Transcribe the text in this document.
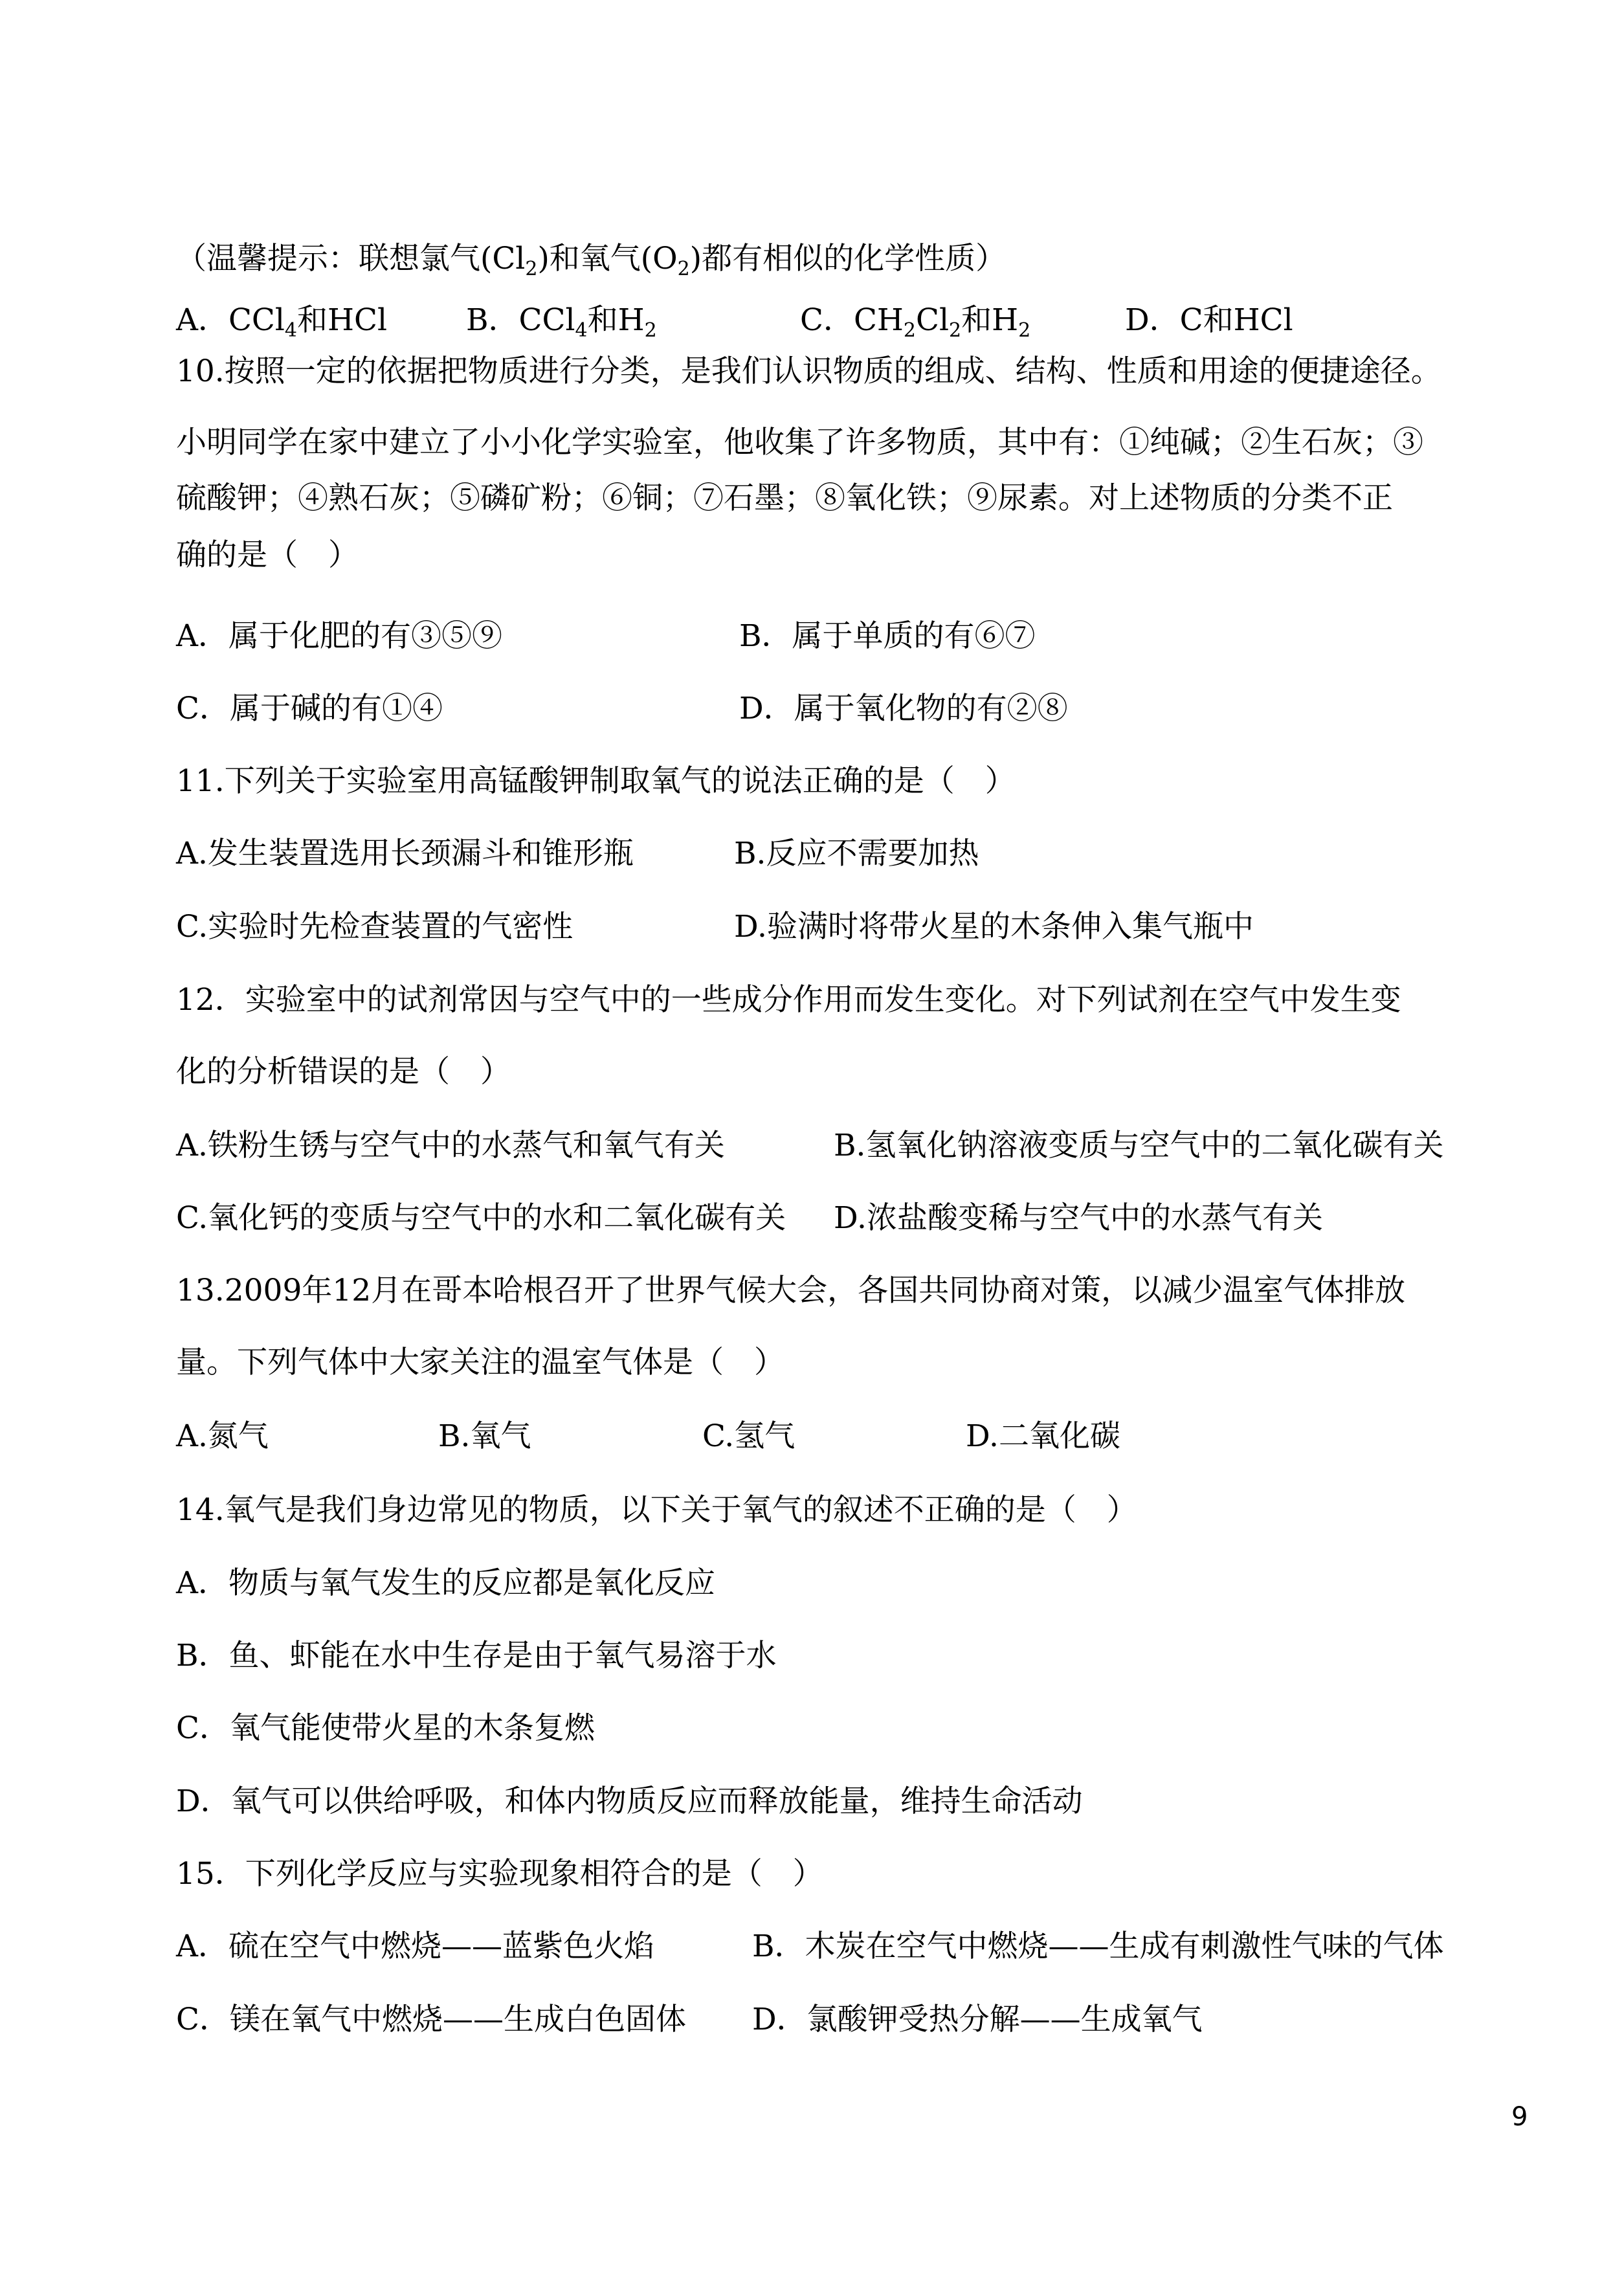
（温馨提示：联想氯气$(Cl_2)$和氧气$(O_2)$都有相似的化学性质）
A．CCl$_4$和HCl	B．CCl$_4$和$H_2$	C．$CH_2Cl_2$和$H_2$	D．C和HCl
10.按照一定的依据把物质进行分类，是我们认识物质的组成、结构、性质和用途的便捷途径。
小明同学在家中建立了小小化学实验室，他收集了许多物质，其中有：①纯碱；②生石灰；③
硫酸钾；④熟石灰；⑤磷矿粉；⑥铜；⑦石墨；⑧氧化铁；⑨尿素。对上述物质的分类不正
确的是（　）
A．属于化肥的有③⑤⑨	B．属于单质的有⑥⑦
C．属于碱的有①④	D．属于氧化物的有②⑧
11.下列关于实验室用高锰酸钾制取氧气的说法正确的是（　）
A.发生装置选用长颈漏斗和锥形瓶	B.反应不需要加热
C.实验时先检查装置的气密性	D.验满时将带火星的木条伸入集气瓶中
12．实验室中的试剂常因与空气中的一些成分作用而发生变化。对下列试剂在空气中发生变
化的分析错误的是（　）
A.铁粉生锈与空气中的水蒸气和氧气有关	B.氢氧化钠溶液变质与空气中的二氧化碳有关
C.氧化钙的变质与空气中的水和二氧化碳有关 D.浓盐酸变稀与空气中的水蒸气有关
13.2009年12月在哥本哈根召开了世界气候大会，各国共同协商对策，以减少温室气体排放
量。下列气体中大家关注的温室气体是（　）
A.氮气	B.氧气	C.氢气	D.二氧化碳
14.氧气是我们身边常见的物质，以下关于氧气的叙述不正确的是（　）
A．物质与氧气发生的反应都是氧化反应
B．鱼、虾能在水中生存是由于氧气易溶于水
C．氧气能使带火星的木条复燃
D．氧气可以供给呼吸，和体内物质反应而释放能量，维持生命活动
15．下列化学反应与实验现象相符合的是（　）
A．硫在空气中燃烧——蓝紫色火焰	B．木炭在空气中燃烧——生成有刺激性气味的气体
C．镁在氧气中燃烧——生成白色固体 D．氯酸钾受热分解——生成氧气
9
